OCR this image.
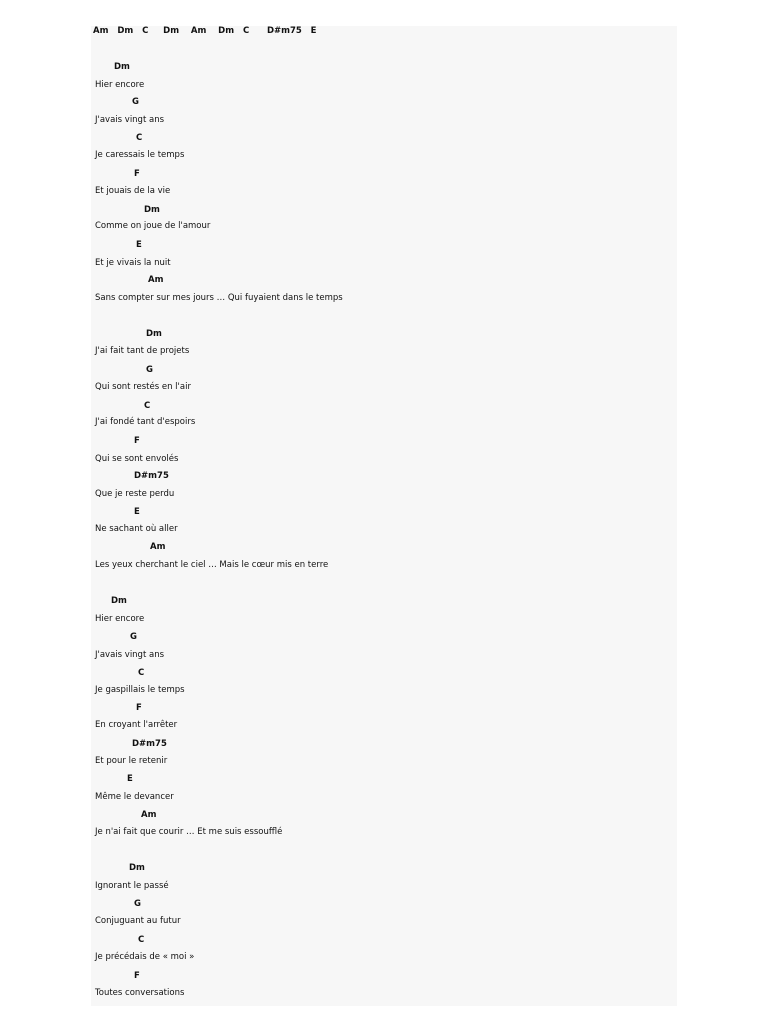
Am   Dm   C     Dm    Am    Dm   C      D#m75   E
Dm
Hier encore
G
J'avais vingt ans
C
Je caressais le temps
F
Et jouais de la vie
Dm
Comme on joue de l'amour
E
Et je vivais la nuit
Am
Sans compter sur mes jours … Qui fuyaient dans le temps
Dm
J'ai fait tant de projets
G
Qui sont restés en l'air
C
J'ai fondé tant d'espoirs
F
Qui se sont envolés
D#m75
Que je reste perdu
E
Ne sachant où aller
Am
Les yeux cherchant le ciel … Mais le cœur mis en terre
Dm
Hier encore
G
J'avais vingt ans
C
Je gaspillais le temps
F
En croyant l'arrêter
D#m75
Et pour le retenir
E
Même le devancer
Am
Je n'ai fait que courir … Et me suis essoufflé
Dm
Ignorant le passé
G
Conjuguant au futur
C
Je précédais de « moi »
F
Toutes conversations
